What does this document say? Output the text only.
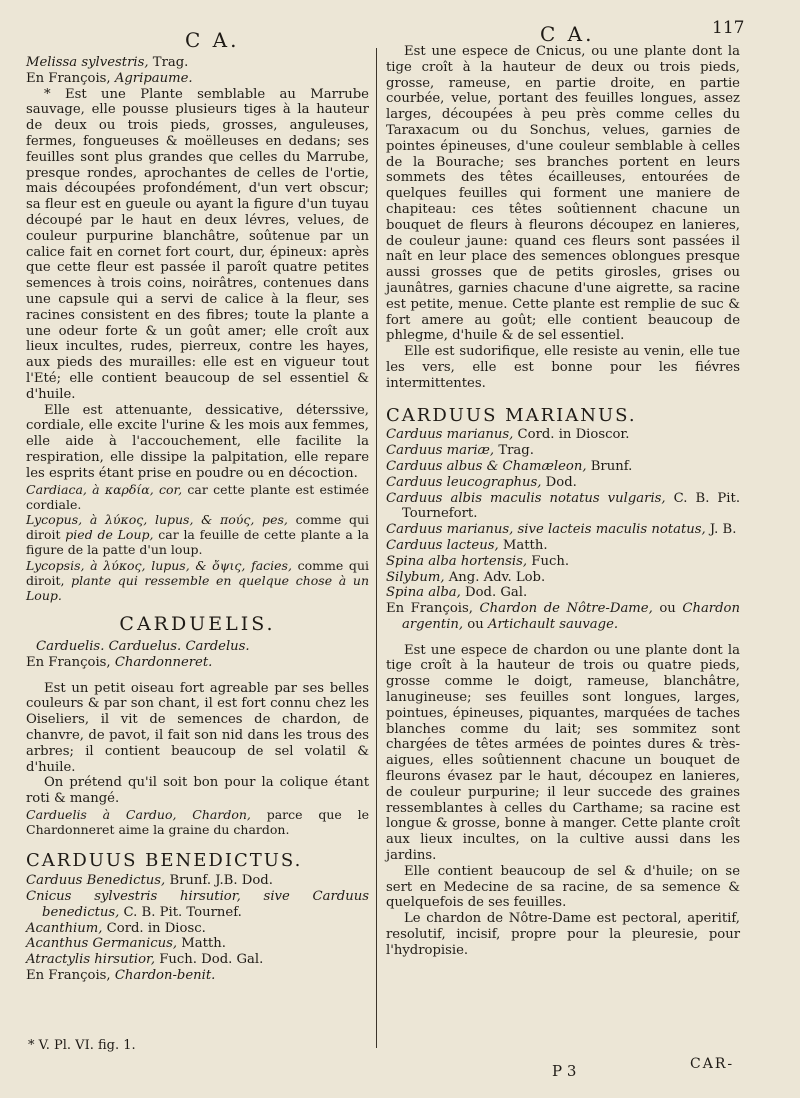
C A.	C A.	117

Melissa sylvestris, Trag.

En François, Agripaume.

* Est une Plante semblable au Marrube sauvage, elle pousse plusieurs tiges à la hauteur de deux ou trois pieds, grosses, anguleuses, fermes, fongueuses & moëlleuses en dedans; ses feuilles sont plus grandes que celles du Marrube, presque rondes, aprochantes de celles de l'ortie, mais découpées profondément, d'un vert obscur; sa fleur est en gueule ou ayant la figure d'un tuyau découpé par le haut en deux lévres, velues, de couleur purpurine blanchâtre, soûtenue par un calice fait en cornet fort court, dur, épineux: après que cette fleur est passée il paroît quatre petites semences à trois coins, noirâtres, contenues dans une capsule qui a servi de calice à la fleur, ses racines consistent en des fibres; toute la plante a une odeur forte & un goût amer; elle croît aux lieux incultes, rudes, pierreux, contre les hayes, aux pieds des murailles: elle est en vigueur tout l'Eté; elle contient beaucoup de sel essentiel & d'huile.

Elle est attenuante, dessicative, déterssive, cordiale, elle excite l'urine & les mois aux femmes, elle aide à l'accouchement, elle facilite la respiration, elle dissipe la palpitation, elle repare les esprits étant prise en poudre ou en décoction.

Cardiaca, à καρδία, cor, car cette plante est estimée cordiale.

Lycopus, à λύκος, lupus, & πούς, pes, comme qui diroit pied de Loup, car la feuille de cette plante a la figure de la patte d'un loup.

Lycopsis, à λύκος, lupus, & ὄψις, facies, comme qui diroit, plante qui ressemble en quelque chose à un Loup.

CARDUELIS.

Carduelis. Carduelus. Cardelus.

En François, Chardonneret.

Est un petit oiseau fort agreable par ses belles couleurs & par son chant, il est fort connu chez les Oiseliers, il vit de semences de chardon, de chanvre, de pavot, il fait son nid dans les trous des arbres; il contient beaucoup de sel volatil & d'huile.

On prétend qu'il soit bon pour la colique étant roti & mangé.

Carduelis à Carduo, Chardon, parce que le Chardonneret aime la graine du chardon.

CARDUUS BENEDICTUS.

Carduus Benedictus, Brunf. J.B. Dod.

Cnicus sylvestris hirsutior, sive Carduus benedictus, C. B. Pit. Tournef.

Acanthium, Cord. in Diosc.

Acanthus Germanicus, Matth.

Atractylis hirsutior, Fuch. Dod. Gal.

En François, Chardon-benit.

* V. Pl. VI. fig. 1.

Est une espece de Cnicus, ou une plante dont la tige croît à la hauteur de deux ou trois pieds, grosse, rameuse, en partie droite, en partie courbée, velue, portant des feuilles longues, assez larges, découpées à peu près comme celles du Taraxacum ou du Sonchus, velues, garnies de pointes épineuses, d'une couleur semblable à celles de la Bourache; ses branches portent en leurs sommets des têtes écailleuses, entourées de quelques feuilles qui forment une maniere de chapiteau: ces têtes soûtiennent chacune un bouquet de fleurs à fleurons découpez en lanieres, de couleur jaune: quand ces fleurs sont passées il naît en leur place des semences oblongues presque aussi grosses que de petits girosles, grises ou jaunâtres, garnies chacune d'une aigrette, sa racine est petite, menue. Cette plante est remplie de suc & fort amere au goût; elle contient beaucoup de phlegme, d'huile & de sel essentiel.

Elle est sudorifique, elle resiste au venin, elle tue les vers, elle est bonne pour les fiévres intermittentes.

CARDUUS MARIANUS.

Carduus marianus, Cord. in Dioscor.

Carduus mariæ, Trag.

Carduus albus & Chamæleon, Brunf.

Carduus leucographus, Dod.

Carduus albis maculis notatus vulgaris, C. B. Pit. Tournefort.

Carduus marianus, sive lacteis maculis notatus, J. B.

Carduus lacteus, Matth.

Spina alba hortensis, Fuch.

Silybum, Ang. Adv. Lob.

Spina alba, Dod. Gal.

En François, Chardon de Nôtre-Dame, ou Chardon argentin, ou Artichault sauvage.

Est une espece de chardon ou une plante dont la tige croît à la hauteur de trois ou quatre pieds, grosse comme le doigt, rameuse, blanchâtre, lanugineuse; ses feuilles sont longues, larges, pointues, épineuses, piquantes, marquées de taches blanches comme du lait; ses sommitez sont chargées de têtes armées de pointes dures & très-aigues, elles soûtiennent chacune un bouquet de fleurons évasez par le haut, découpez en lanieres, de couleur purpurine; il leur succede des graines ressemblantes à celles du Carthame; sa racine est longue & grosse, bonne à manger. Cette plante croît aux lieux incultes, on la cultive aussi dans les jardins.

Elle contient beaucoup de sel & d'huile; on se sert en Medecine de sa racine, de sa semence & quelquefois de ses feuilles.

Le chardon de Nôtre-Dame est pectoral, aperitif, resolutif, incisif, propre pour la pleuresie, pour l'hydropisie.

P 3	CAR-
